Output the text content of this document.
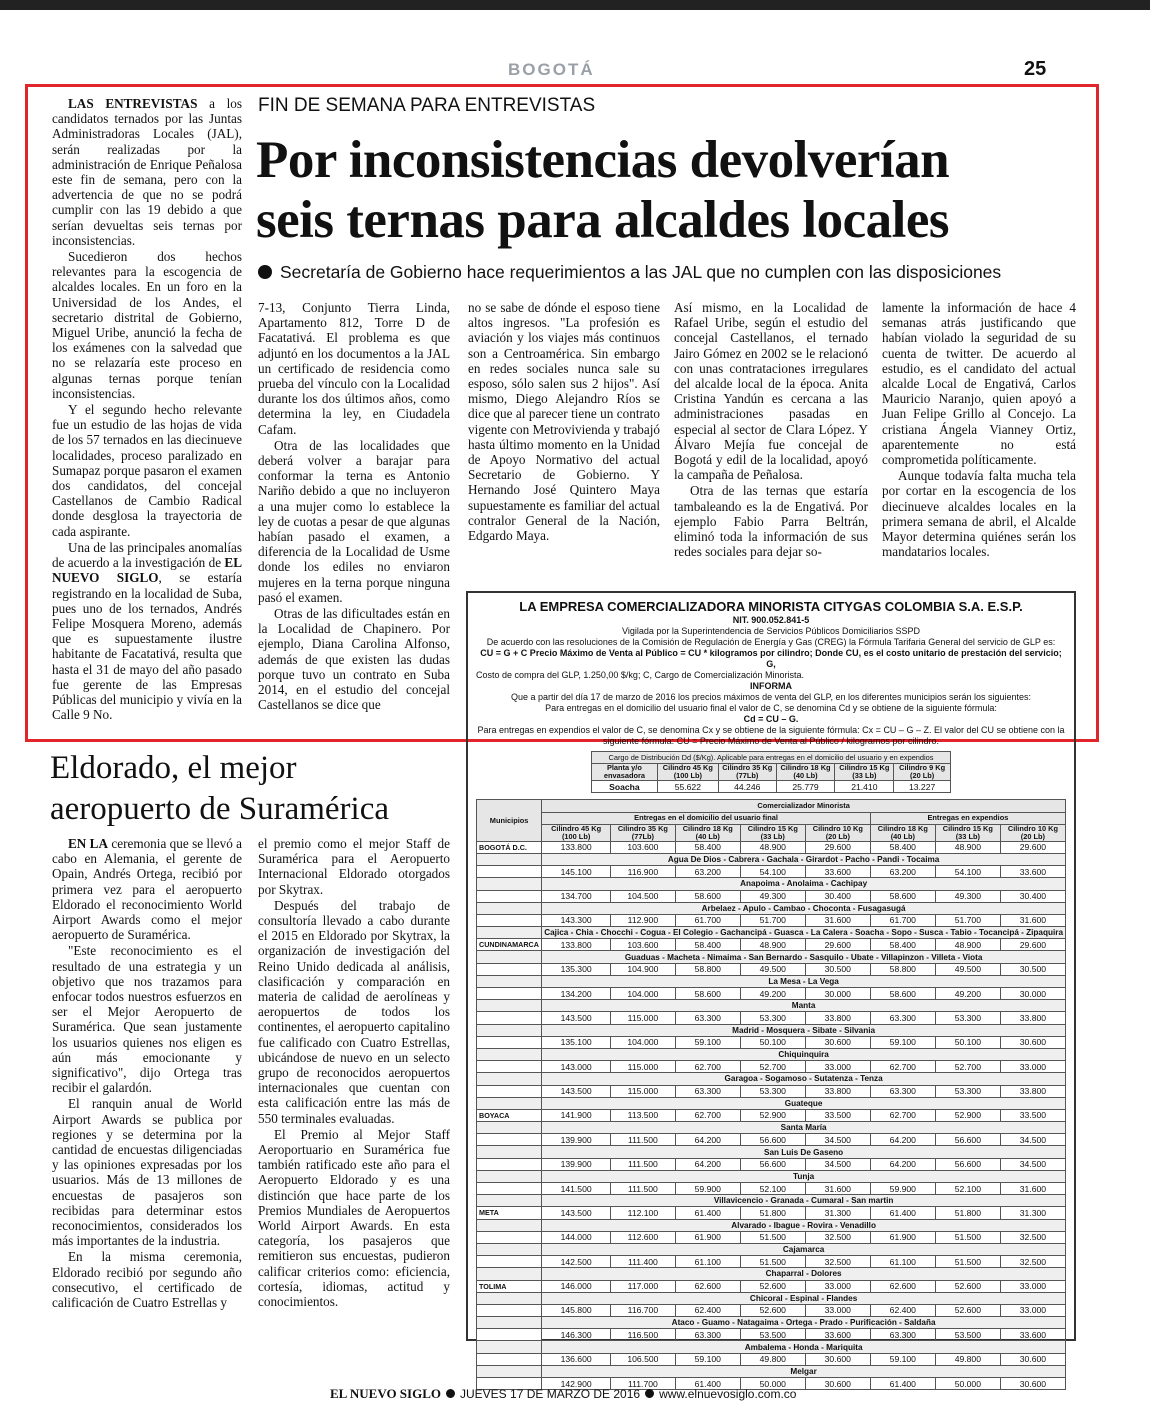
BOGOTÁ	25
FIN DE SEMANA PARA ENTREVISTAS
Por inconsistencias devolverían
seis ternas para alcaldes locales
Secretaría de Gobierno hace requerimientos a las JAL que no cumplen con las disposiciones

LAS ENTREVISTAS a los candidatos ternados por las Juntas Administradoras Locales (JAL), serán realizadas por la administración de Enrique Peñalosa este fin de semana, pero con la advertencia de que no se podrá cumplir con las 19 debido a que serían devueltas seis ternas por inconsistencias.

Sucedieron dos hechos relevantes para la escogencia de alcaldes locales. En un foro en la Universidad de los Andes, el secretario distrital de Gobierno, Miguel Uribe, anunció la fecha de los exámenes con la salvedad que no se relazaría este proceso en algunas ternas porque tenían inconsistencias.

Y el segundo hecho relevante fue un estudio de las hojas de vida de los 57 ternados en las diecinueve localidades, proceso paralizado en Sumapaz porque pasaron el examen dos candidatos, del concejal Castellanos de Cambio Radical donde desglosa la trayectoria de cada aspirante.

Una de las principales anomalías de acuerdo a la investigación de EL NUEVO SIGLO, se estaría registrando en la localidad de Suba, pues uno de los ternados, Andrés Felipe Mosquera Moreno, además que es supuestamente ilustre habitante de Facatativá, resulta que hasta el 31 de mayo del año pasado fue gerente de las Empresas Públicas del municipio y vivía en la Calle 9 No.

7-13, Conjunto Tierra Linda, Apartamento 812, Torre D de Facatativá. El problema es que adjuntó en los documentos a la JAL un certificado de residencia como prueba del vínculo con la Localidad durante los dos últimos años, como determina la ley, en Ciudadela Cafam.

Otra de las localidades que deberá volver a barajar para conformar la terna es Antonio Nariño debido a que no incluyeron a una mujer como lo establece la ley de cuotas a pesar de que algunas habían pasado el examen, a diferencia de la Localidad de Usme donde los ediles no enviaron mujeres en la terna porque ninguna pasó el examen.

Otras de las dificultades están en la Localidad de Chapinero. Por ejemplo, Diana Carolina Alfonso, además de que existen las dudas porque tuvo un contrato en Suba 2014, en el estudio del concejal Castellanos se dice que

no se sabe de dónde el esposo tiene altos ingresos. "La profesión es aviación y los viajes más continuos son a Centroamérica. Sin embargo en redes sociales nunca sale su esposo, sólo salen sus 2 hijos". Así mismo, Diego Alejandro Ríos se dice que al parecer tiene un contrato vigente con Metrovivienda y trabajó hasta último momento en la Unidad de Apoyo Normativo del actual Secretario de Gobierno. Y Hernando José Quintero Maya supuestamente es familiar del actual contralor General de la Nación, Edgardo Maya.

Así mismo, en la Localidad de Rafael Uribe, según el estudio del concejal Castellanos, el ternado Jairo Gómez en 2002 se le relacionó con unas contrataciones irregulares del alcalde local de la época. Anita Cristina Yandún es cercana a las administraciones pasadas en especial al sector de Clara López. Y Álvaro Mejía fue concejal de Bogotá y edil de la localidad, apoyó la campaña de Peñalosa.

Otra de las ternas que estaría tambaleando es la de Engativá. Por ejemplo Fabio Parra Beltrán, eliminó toda la información de sus redes sociales para dejar so-

lamente la información de hace 4 semanas atrás justificando que habían violado la seguridad de su cuenta de twitter. De acuerdo al estudio, es el candidato del actual alcalde Local de Engativá, Carlos Mauricio Naranjo, quien apoyó a Juan Felipe Grillo al Concejo. La cristiana Ángela Vianney Ortiz, aparentemente no está comprometida políticamente.

Aunque todavía falta mucha tela por cortar en la escogencia de los diecinueve alcaldes locales en la primera semana de abril, el Alcalde Mayor determina quiénes serán los mandatarios locales.

Eldorado, el mejor
aeropuerto de Suramérica

EN LA ceremonia que se llevó a cabo en Alemania, el gerente de Opain, Andrés Ortega, recibió por primera vez para el aeropuerto Eldorado el reconocimiento World Airport Awards como el mejor aeropuerto de Suramérica.

"Este reconocimiento es el resultado de una estrategia y un objetivo que nos trazamos para enfocar todos nuestros esfuerzos en ser el Mejor Aeropuerto de Suramérica. Que sean justamente los usuarios quienes nos eligen es aún más emocionante y significativo", dijo Ortega tras recibir el galardón.

El ranquin anual de World Airport Awards se publica por regiones y se determina por la cantidad de encuestas diligenciadas y las opiniones expresadas por los usuarios. Más de 13 millones de encuestas de pasajeros son recibidas para determinar estos reconocimientos, considerados los más importantes de la industria.

En la misma ceremonia, Eldorado recibió por segundo año consecutivo, el certificado de calificación de Cuatro Estrellas y

el premio como el mejor Staff de Suramérica para el Aeropuerto Internacional Eldorado otorgados por Skytrax.

Después del trabajo de consultoría llevado a cabo durante el 2015 en Eldorado por Skytrax, la organización de investigación del Reino Unido dedicada al análisis, clasificación y comparación en materia de calidad de aerolíneas y aeropuertos de todos los continentes, el aeropuerto capitalino fue calificado con Cuatro Estrellas, ubicándose de nuevo en un selecto grupo de reconocidos aeropuertos internacionales que cuentan con esta calificación entre las más de 550 terminales evaluadas.

El Premio al Mejor Staff Aeroportuario en Suramérica fue también ratificado este año para el Aeropuerto Eldorado y es una distinción que hace parte de los Premios Mundiales de Aeropuertos World Airport Awards. En esta categoría, los pasajeros que remitieron sus encuestas, pudieron calificar criterios como: eficiencia, cortesía, idiomas, actitud y conocimientos.

LA EMPRESA COMERCIALIZADORA MINORISTA CITYGAS COLOMBIA S.A. E.S.P.
NIT. 900.052.841-5
Vigilada por la Superintendencia de Servicios Públicos Domiciliarios SSPD
De acuerdo con las resoluciones de la Comisión de Regulación de Energía y Gas (CREG) la Fórmula Tarifaria General del servicio de GLP es:
CU = G + C Precio Máximo de Venta al Público = CU * kilogramos por cilindro; Donde CU, es el costo unitario de prestación del servicio; G,
Costo de compra del GLP, 1.250,00 $/kg; C, Cargo de Comercialización Minorista.
INFORMA
Que a partir del día 17 de marzo de 2016 los precios máximos de venta del GLP, en los diferentes municipios serán los siguientes:
Para entregas en el domicilio del usuario final el valor de C, se denomina Cd y se obtiene de la siguiente fórmula:
Cd = CU – G.
Para entregas en expendios el valor de C, se denomina Cx y se obtiene de la siguiente fórmula: Cx = CU – G – Z. El valor del CU se obtiene con la siguiente fórmula: CU = Precio Máximo de Venta al Público / kilogramos por cilindro.
Cargo de Distribución Dd ($/Kg). Aplicable para entregas en el domicilio del usuario y en expendios					
Planta y/o envasadora	Cilindro 45 Kg (100 Lb)	Cilindro 35 Kg (77Lb)	Cilindro 18 Kg (40 Lb)	Cilindro 15 Kg (33 Lb)	Cilindro 9 Kg (20 Lb)
Soacha	55.622	44.246	25.779	21.410	13.227
Municipios	Comercializador Minorista							
	Entregas en el domicilio del usuario final					Entregas en expendios		
	Cilindro 45 Kg (100 Lb)	Cilindro 35 Kg (77Lb)	Cilindro 18 Kg (40 Lb)	Cilindro 15 Kg (33 Lb)	Cilindro 10 Kg (20 Lb)	Cilindro 18 Kg (40 Lb)	Cilindro 15 Kg (33 Lb)	Cilindro 10 Kg (20 Lb)
BOGOTÁ D.C.	133.800	103.600	58.400	48.900	29.600	58.400	48.900	29.600
	Agua De Dios - Cabrera - Gachala - Girardot - Pacho - Pandi - Tocaima							
	145.100	116.900	63.200	54.100	33.600	63.200	54.100	33.600
	Anapoima - Anolaima - Cachipay							
	134.700	104.500	58.600	49.300	30.400	58.600	49.300	30.400
	Arbelaez - Apulo - Cambao - Choconta - Fusagasugá							
	143.300	112.900	61.700	51.700	31.600	61.700	51.700	31.600
	Cajica - Chia - Chocchi - Cogua - El Colegio - Gachancipá - Guasca - La Calera - Soacha - Sopo - Susca - Tabio - Tocancipá - Zipaquira							
CUNDINAMARCA	133.800	103.600	58.400	48.900	29.600	58.400	48.900	29.600
	Guaduas - Macheta - Nimaima - San Bernardo - Sasquilo - Ubate - Villapinzon - Villeta - Viota							
	135.300	104.900	58.800	49.500	30.500	58.800	49.500	30.500
	La Mesa - La Vega							
	134.200	104.000	58.600	49.200	30.000	58.600	49.200	30.000
	Manta							
	143.500	115.000	63.300	53.300	33.800	63.300	53.300	33.800
	Madrid - Mosquera - Sibate - Silvania							
	135.100	104.000	59.100	50.100	30.600	59.100	50.100	30.600
	Chiquinquira							
	143.000	115.000	62.700	52.700	33.000	62.700	52.700	33.000
	Garagoa - Sogamoso - Sutatenza - Tenza							
	143.500	115.000	63.300	53.300	33.800	63.300	53.300	33.800
	Guateque							
BOYACA	141.900	113.500	62.700	52.900	33.500	62.700	52.900	33.500
	Santa María							
	139.900	111.500	64.200	56.600	34.500	64.200	56.600	34.500
	San Luis De Gaseno							
	139.900	111.500	64.200	56.600	34.500	64.200	56.600	34.500
	Tunja							
	141.500	111.500	59.900	52.100	31.600	59.900	52.100	31.600
	Villavicencio - Granada - Cumaral - San martin							
META	143.500	112.100	61.400	51.800	31.300	61.400	51.800	31.300
	Alvarado - Ibague - Rovira - Venadillo							
	144.000	112.600	61.900	51.500	32.500	61.900	51.500	32.500
	Cajamarca							
	142.500	111.400	61.100	51.500	32.500	61.100	51.500	32.500
	Chaparral - Dolores							
TOLIMA	146.000	117.000	62.600	52.600	33.000	62.600	52.600	33.000
	Chicoral - Espinal - Flandes							
	145.800	116.700	62.400	52.600	33.000	62.400	52.600	33.000
	Ataco - Guamo - Natagaima - Ortega - Prado - Purificación - Saldaña							
	146.300	116.500	63.300	53.500	33.600	63.300	53.500	33.600
	Ambalema - Honda - Mariquita							
	136.600	106.500	59.100	49.800	30.600	59.100	49.800	30.600
	Melgar							
	142.900	111.700	61.400	50.000	30.600	61.400	50.000	30.600
EL NUEVO SIGLO JUEVES 17 DE MARZO DE 2016 www.elnuevosiglo.com.co
